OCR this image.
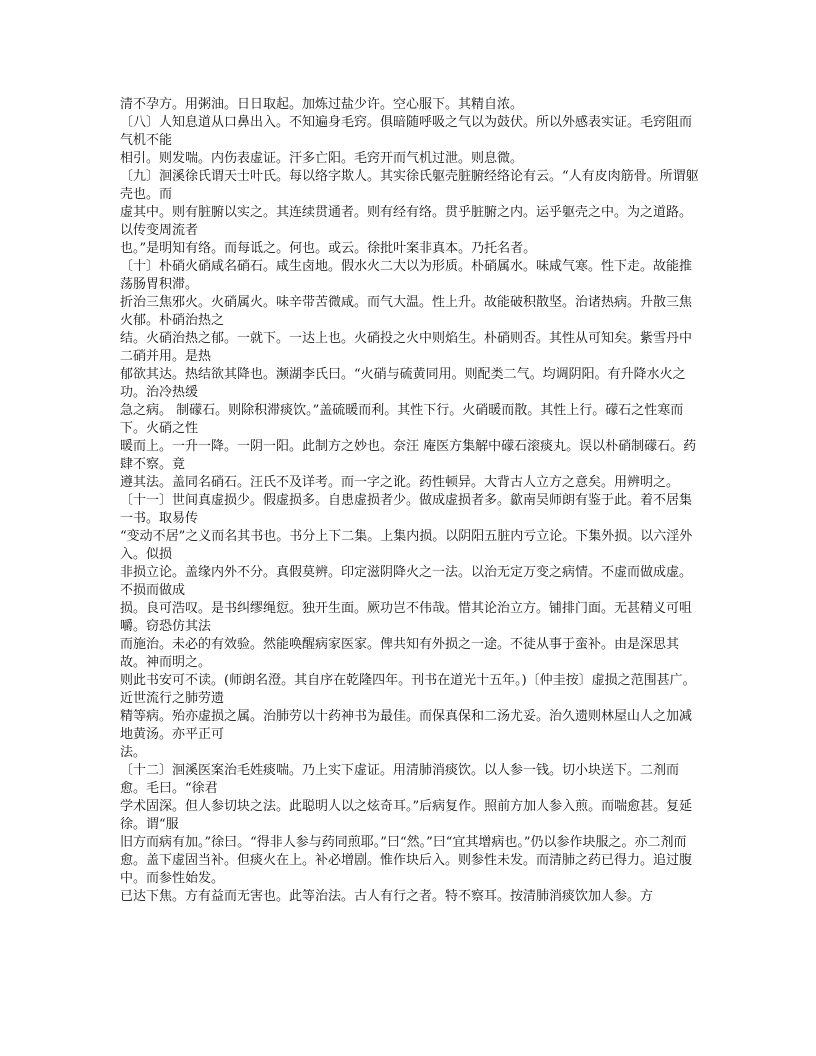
清不孕方。用粥油。日日取起。加炼过盐少许。空心服下。其精自浓。

〔八〕人知息道从口鼻出入。不知遍身毛窍。俱暗随呼吸之气以为鼓伏。所以外感表实证。毛窍阻而气机不能

相引。则发喘。内伤表虚证。汗多亡阳。毛窍开而气机过泄。则息微。

〔九〕洄溪徐氏谓天士叶氏。每以络字欺人。其实徐氏躯壳脏腑经络论有云。“人有皮肉筋骨。所谓躯壳也。而

虚其中。则有脏腑以实之。其连续贯通者。则有经有络。贯乎脏腑之内。运乎躯壳之中。为之道路。以传变周流者

也。”是明知有络。而每诋之。何也。或云。徐批叶案非真本。乃托名者。

〔十〕朴硝火硝咸名硝石。咸生卤地。假水火二大以为形质。朴硝属水。味咸气寒。性下走。故能推荡肠胃积滞。

折治三焦邪火。火硝属火。味辛带苦微咸。而气大温。性上升。故能破积散坚。治诸热病。升散三焦火郁。朴硝治热之

结。火硝治热之郁。一就下。一达上也。火硝投之火中则焰生。朴硝则否。其性从可知矣。紫雪丹中二硝并用。是热

郁欲其达。热结欲其降也。濒湖李氏曰。“火硝与硫黄同用。则配类二气。均调阴阳。有升降水火之功。治冷热缓

急之病。 制礞石。则除积滞痰饮。”盖硫暖而利。其性下行。火硝暖而散。其性上行。礞石之性寒而下。火硝之性

暖而上。一升一降。一阴一阳。此制方之妙也。奈汪 庵医方集解中礞石滚痰丸。误以朴硝制礞石。药肆不察。竟

遵其法。盖同名硝石。汪氏不及详考。而一字之讹。药性顿异。大背古人立方之意矣。用辨明之。

〔十一〕世间真虚损少。假虚损多。自患虚损者少。做成虚损者多。歙南吴师朗有鉴于此。着不居集一书。取易传

“变动不居”之义而名其书也。书分上下二集。上集内损。以阴阳五脏内亏立论。下集外损。以六淫外入。似损

非损立论。盖缘内外不分。真假莫辨。印定滋阴降火之一法。以治无定万变之病情。不虚而做成虚。不损而做成

损。良可浩叹。是书纠缪绳愆。独开生面。厥功岂不伟哉。惜其论治立方。铺排门面。无甚精义可咀嚼。窃恐仿其法

而施治。未必的有效验。然能唤醒病家医家。俾共知有外损之一途。不徒从事于蛮补。由是深思其故。神而明之。

则此书安可不读。(师朗名澄。其自序在乾隆四年。刊书在道光十五年。)〔仲圭按〕虚损之范围甚广。近世流行之肺劳遗

精等病。殆亦虚损之属。治肺劳以十药神书为最佳。而保真保和二汤尤妥。治久遗则林屋山人之加减地黄汤。亦平正可

法。

〔十二〕洄溪医案治毛姓痰喘。乃上实下虚证。用清肺消痰饮。以人参一钱。切小块送下。二剂而愈。毛曰。“徐君

学术固深。但人参切块之法。此聪明人以之炫奇耳。”后病复作。照前方加人参入煎。而喘愈甚。复延徐。谓“服

旧方而病有加。”徐曰。“得非人参与药同煎耶。”曰“然。”曰“宜其增病也。”仍以参作块服之。亦二剂而

愈。盖下虚固当补。但痰火在上。补必增剧。惟作块后入。则参性未发。而清肺之药已得力。追过腹中。而参性始发。

已达下焦。方有益而无害也。此等治法。古人有行之者。特不察耳。按清肺消痰饮加人参。方
